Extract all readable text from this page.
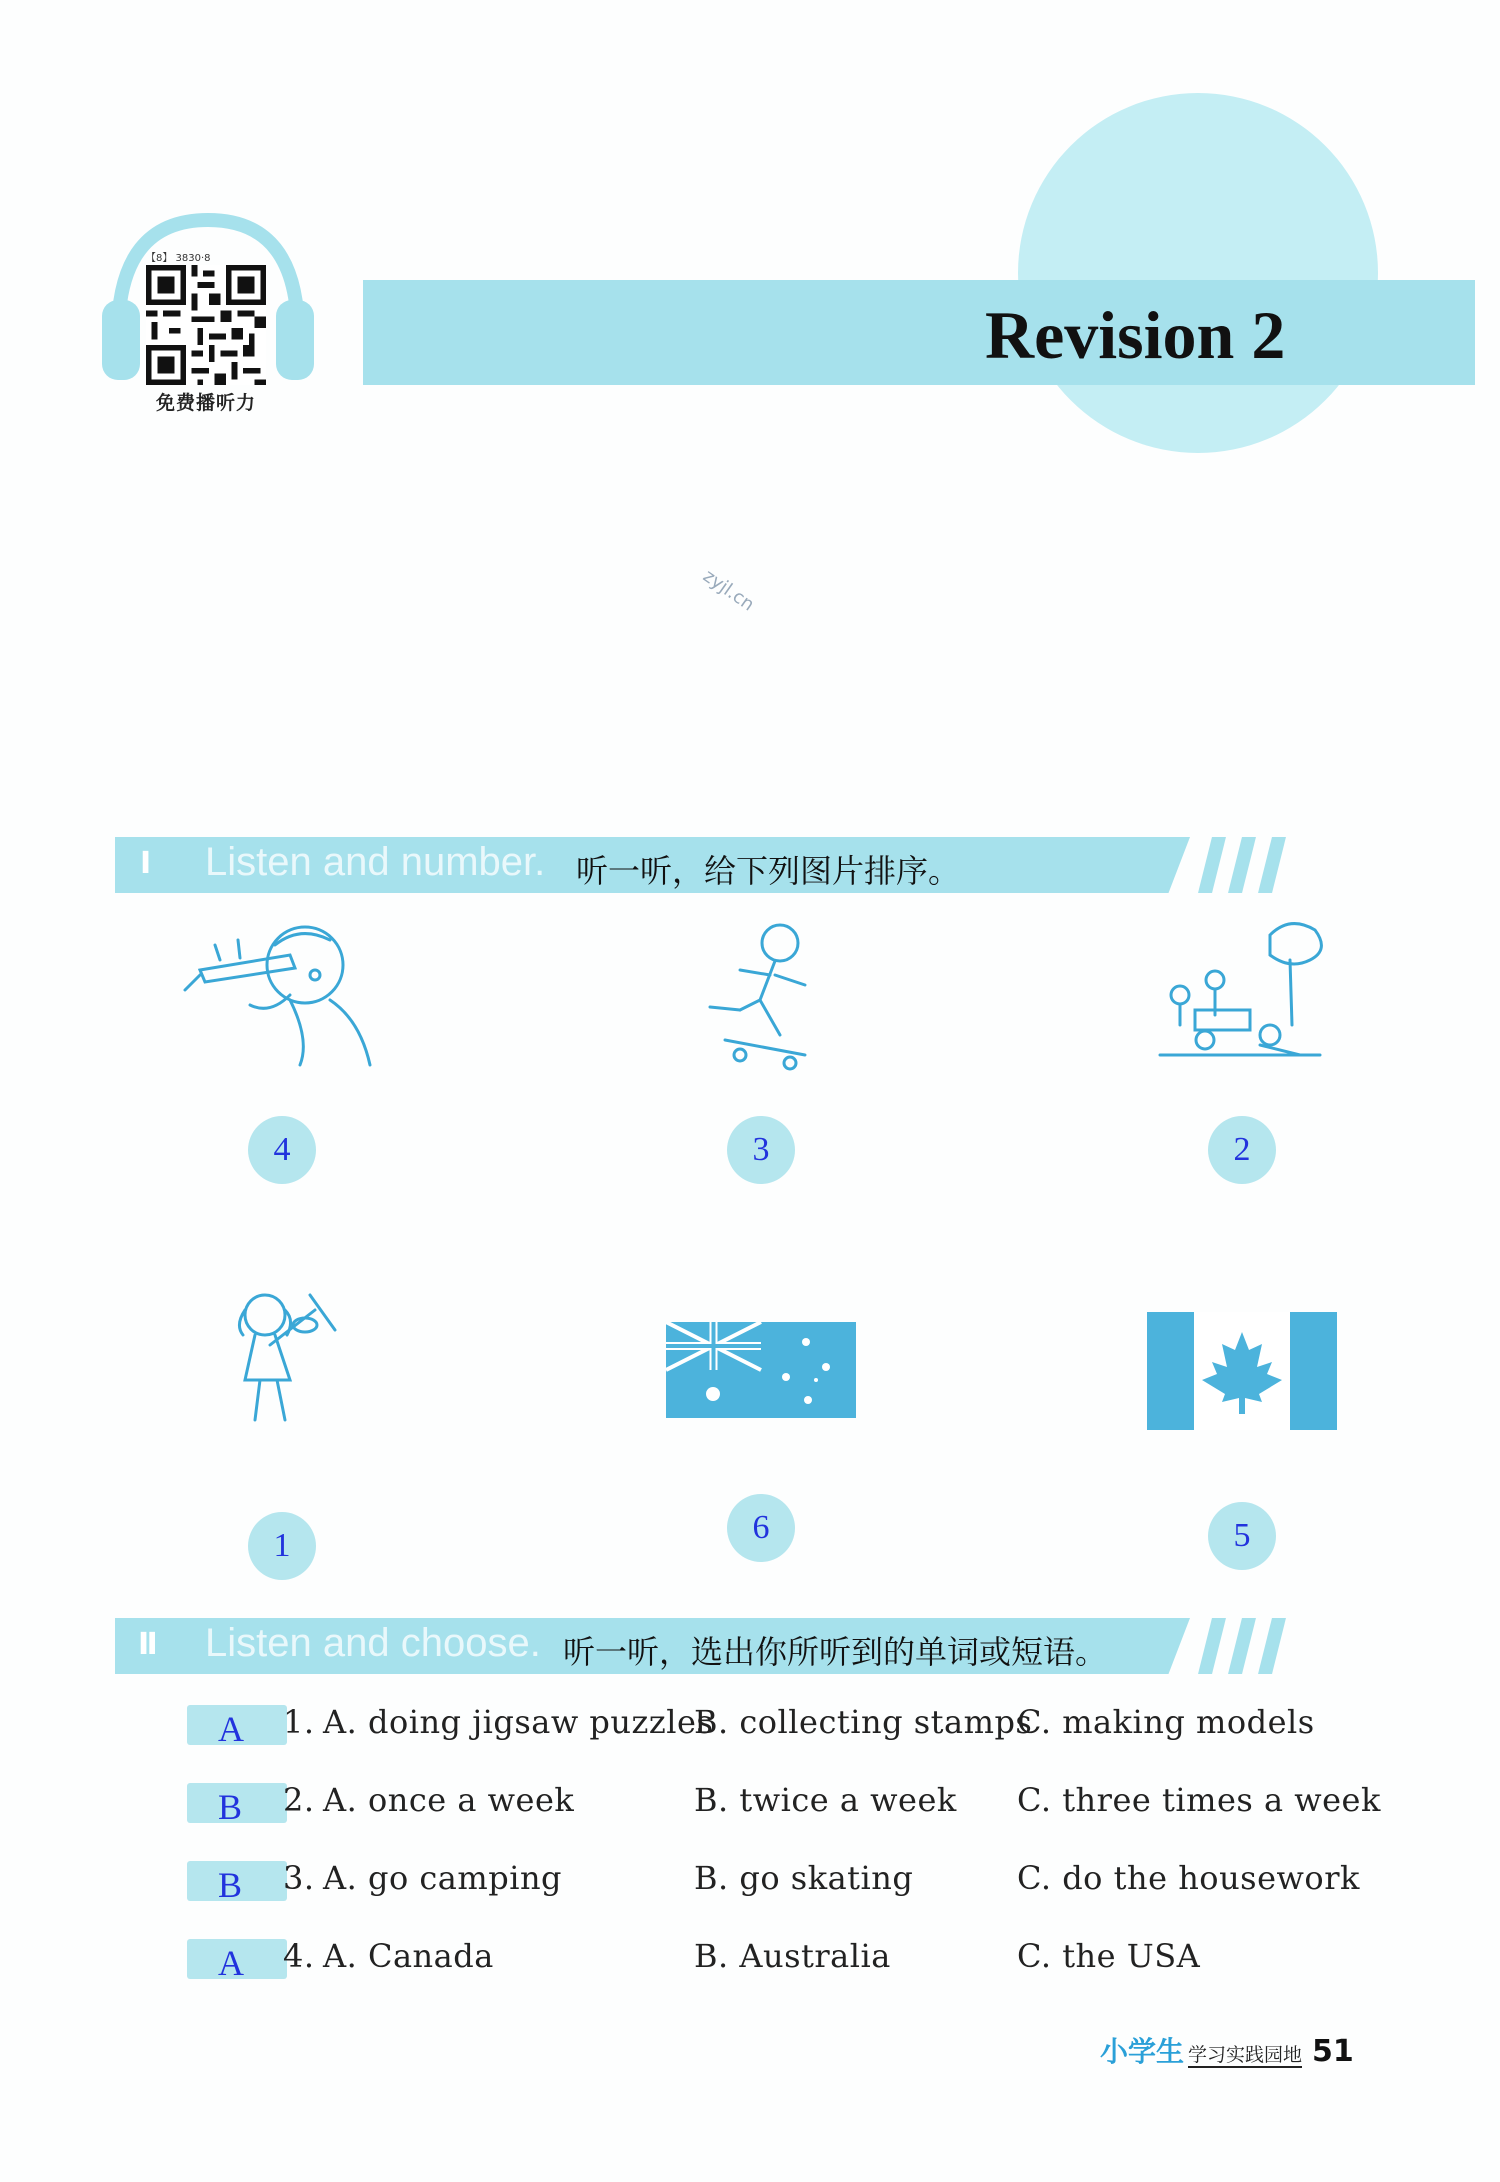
【8】 3830·8
免费播听力
Revision 2
zyjl.cn
Ⅰ Listen and number. 听一听，给下列图片排序。
4	3	2
1	6	5
Ⅱ Listen and choose. 听一听，选出你所听到的单词或短语。
A 1. A. doing jigsaw puzzles
B. collecting stamps
C. making models
B 2. A. once a week	B. twice a week C. three times a week
B 3. A. go camping	B. go skating	C. do the housework
A 4. A. Canada	B. Australia	C. the USA
小学生 学习实践园地 51
